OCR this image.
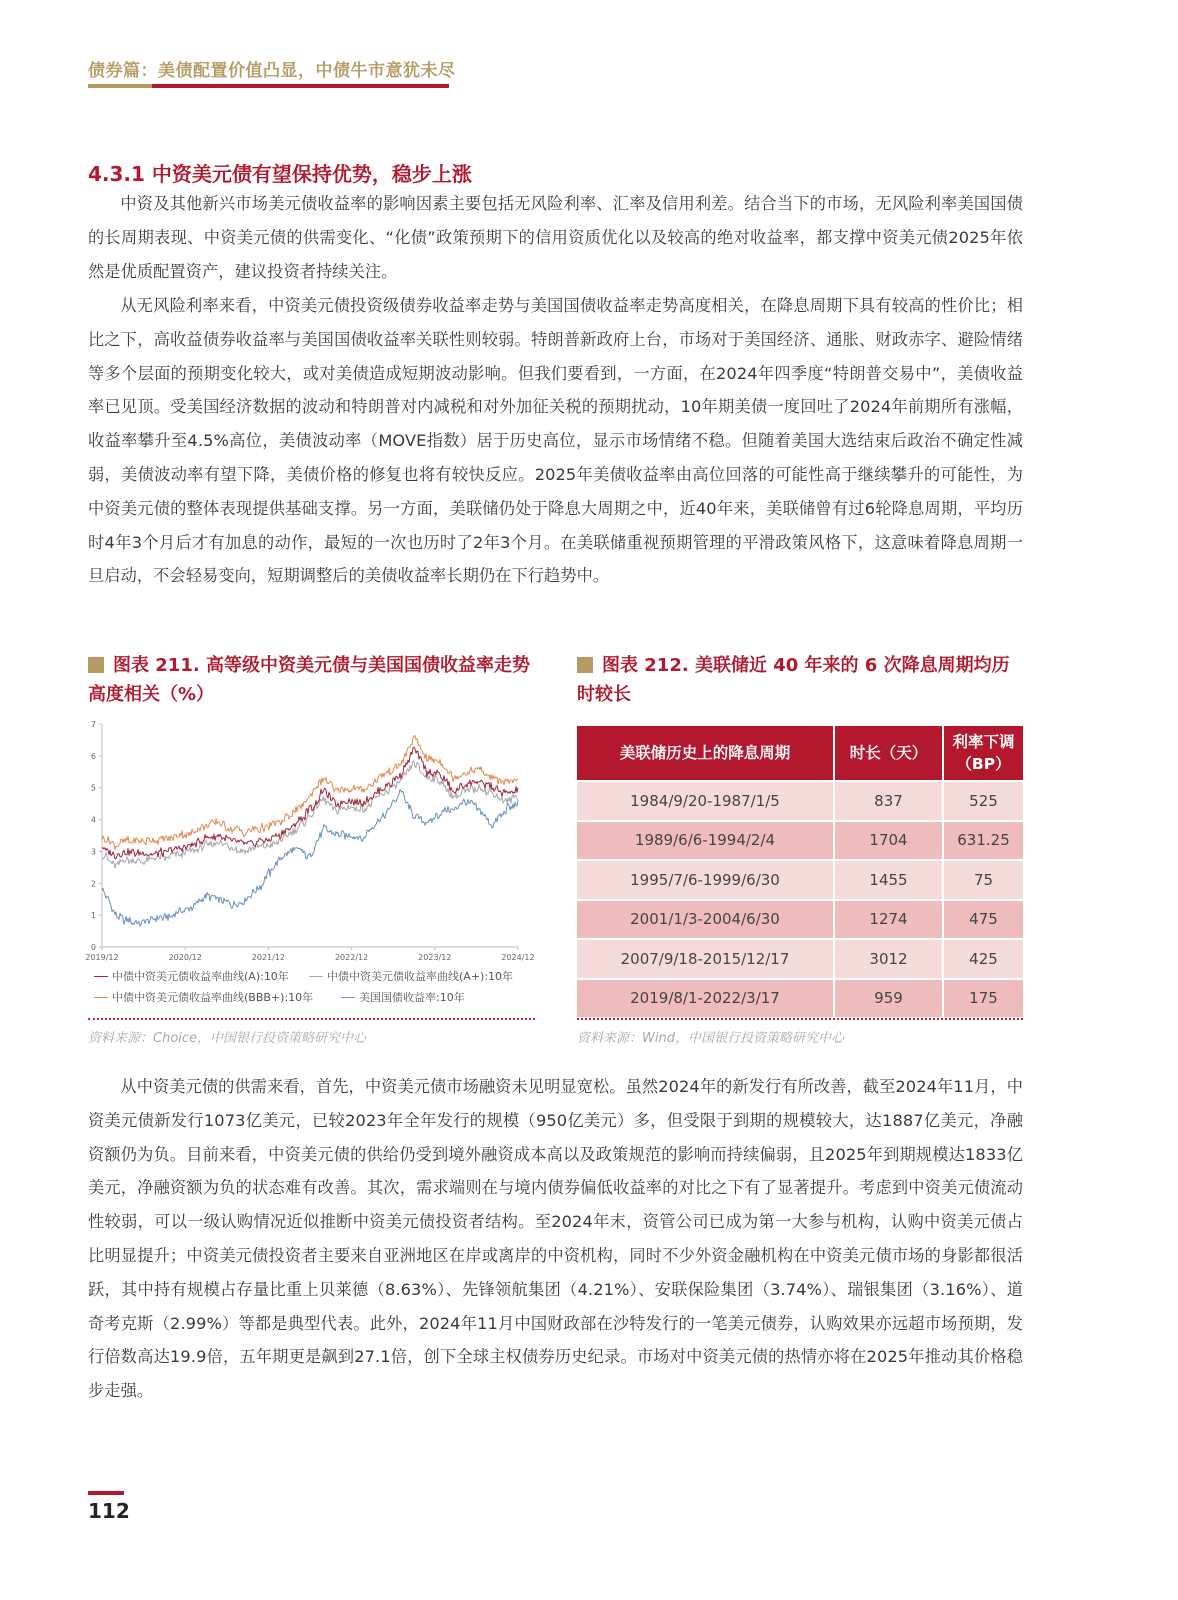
债券篇：美债配置价值凸显，中债牛市意犹未尽
4.3.1 中资美元债有望保持优势，稳步上涨

中资及其他新兴市场美元债收益率的影响因素主要包括无风险利率、汇率及信用利差。结合当下的市场，无风险利率美国国债的长周期表现、中资美元债的供需变化、“化债”政策预期下的信用资质优化以及较高的绝对收益率，都支撑中资美元债2025年依然是优质配置资产，建议投资者持续关注。

从无风险利率来看，中资美元债投资级债券收益率走势与美国国债收益率走势高度相关，在降息周期下具有较高的性价比；相比之下，高收益债券收益率与美国国债收益率关联性则较弱。特朗普新政府上台，市场对于美国经济、通胀、财政赤字、避险情绪等多个层面的预期变化较大，或对美债造成短期波动影响。但我们要看到，一方面，在2024年四季度“特朗普交易中”，美债收益率已见顶。受美国经济数据的波动和特朗普对内减税和对外加征关税的预期扰动，10年期美债一度回吐了2024年前期所有涨幅，收益率攀升至4.5%高位，美债波动率（MOVE指数）居于历史高位，显示市场情绪不稳。但随着美国大选结束后政治不确定性减弱，美债波动率有望下降，美债价格的修复也将有较快反应。2025年美债收益率由高位回落的可能性高于继续攀升的可能性，为中资美元债的整体表现提供基础支撑。另一方面，美联储仍处于降息大周期之中，近40年来，美联储曾有过6轮降息周期，平均历时4年3个月后才有加息的动作，最短的一次也历时了2年3个月。在美联储重视预期管理的平滑政策风格下，这意味着降息周期一旦启动，不会轻易变向，短期调整后的美债收益率长期仍在下行趋势中。

图表 211. 高等级中资美元债与美国国债收益率走势高度相关（%）
0
1
2
3
4
5
6
7
2019/12	2020/12	2021/12	2022/12	2023/12	2024/12
中债中资美元债收益率曲线(A):10年	中债中资美元债收益率曲线(A+):10年
中债中资美元债收益率曲线(BBB+):10年	美国国债收益率:10年
图表 212. 美联储近 40 年来的 6 次降息周期均历时较长
美联储历史上的降息周期	时长（天）	利率下调（BP）
1984/9/20-1987/1/5	837	525
1989/6/6-1994/2/4	1704	631.25
1995/7/6-1999/6/30	1455	75
2001/1/3-2004/6/30	1274	475
2007/9/18-2015/12/17	3012	425
2019/8/1-2022/3/17	959	175
资料来源：Choice，中国银行投资策略研究中心	资料来源：Wind，中国银行投资策略研究中心

从中资美元债的供需来看，首先，中资美元债市场融资未见明显宽松。虽然2024年的新发行有所改善，截至2024年11月，中资美元债新发行1073亿美元，已较2023年全年发行的规模（950亿美元）多，但受限于到期的规模较大，达1887亿美元，净融资额仍为负。目前来看，中资美元债的供给仍受到境外融资成本高以及政策规范的影响而持续偏弱，且2025年到期规模达1833亿美元，净融资额为负的状态难有改善。其次，需求端则在与境内债券偏低收益率的对比之下有了显著提升。考虑到中资美元债流动性较弱，可以一级认购情况近似推断中资美元债投资者结构。至2024年末，资管公司已成为第一大参与机构，认购中资美元债占比明显提升；中资美元债投资者主要来自亚洲地区在岸或离岸的中资机构，同时不少外资金融机构在中资美元债市场的身影都很活跃，其中持有规模占存量比重上贝莱德（8.63%）、先锋领航集团（4.21%）、安联保险集团（3.74%）、瑞银集团（3.16%）、道奇考克斯（2.99%）等都是典型代表。此外，2024年11月中国财政部在沙特发行的一笔美元债券，认购效果亦远超市场预期，发行倍数高达19.9倍，五年期更是飙到27.1倍，创下全球主权债券历史纪录。市场对中资美元债的热情亦将在2025年推动其价格稳步走强。

112
